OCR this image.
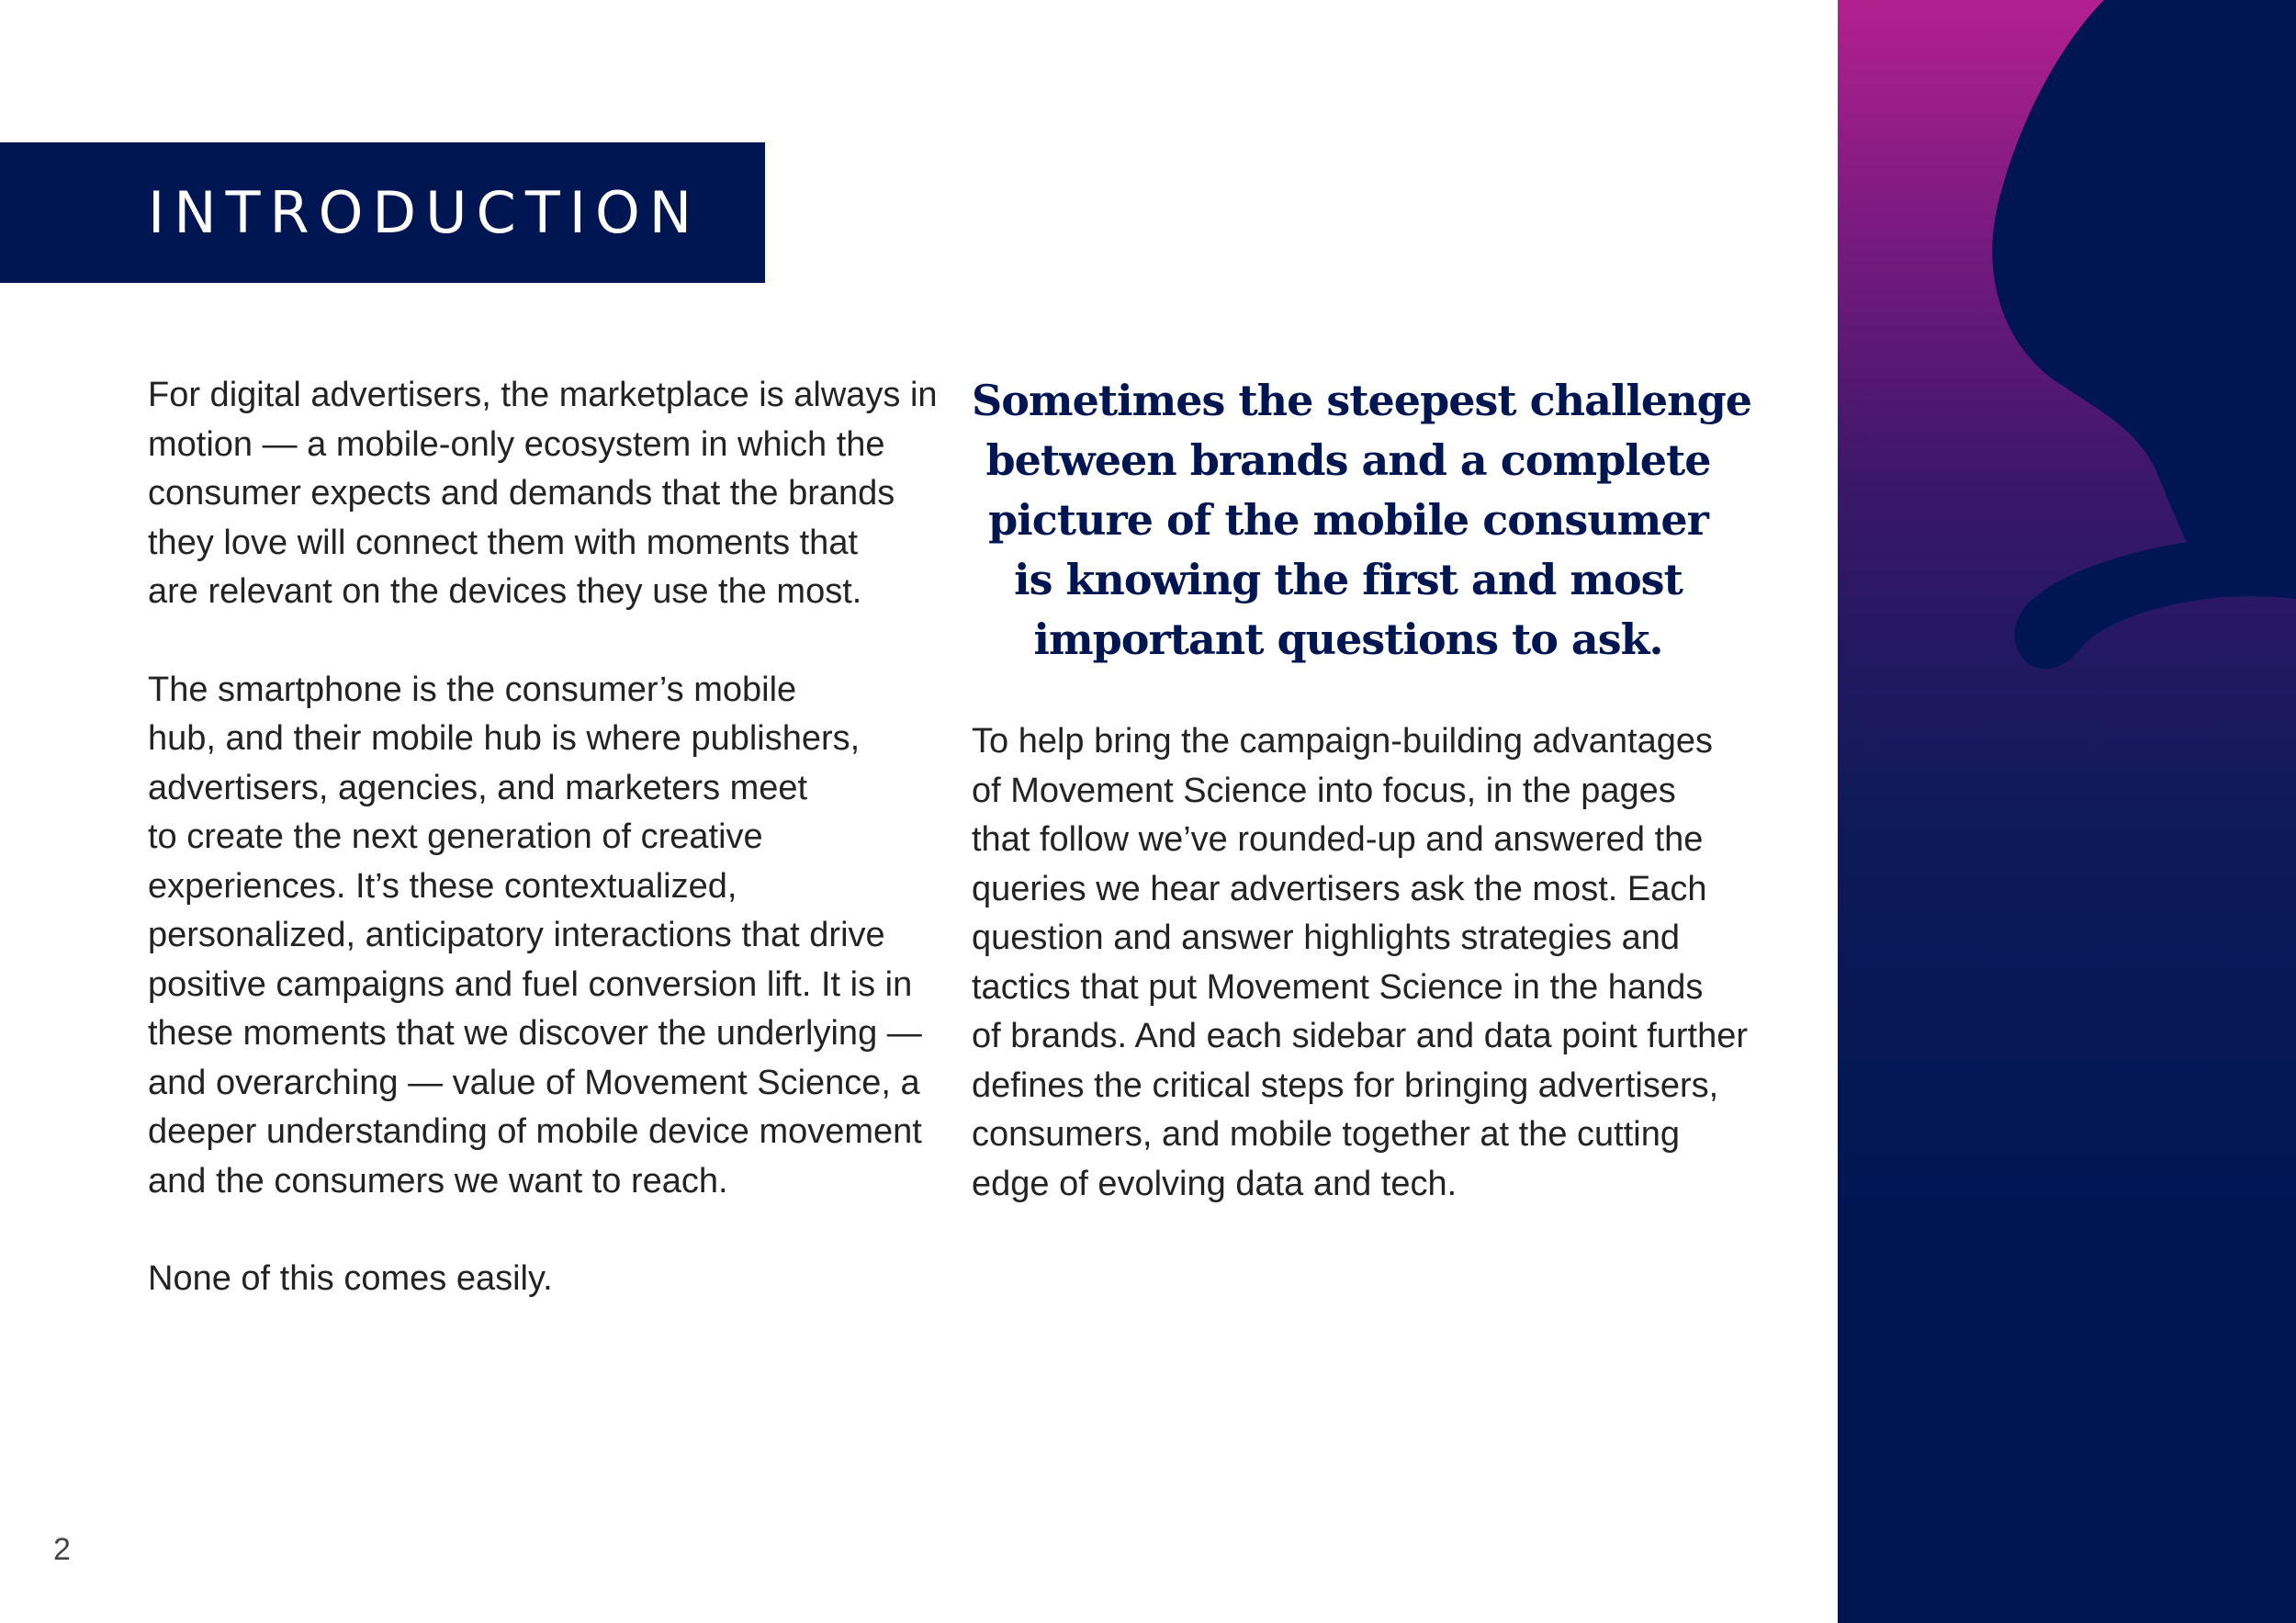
INTRODUCTION

For digital advertisers, the marketplace is always in
motion — a mobile-only ecosystem in which the
consumer expects and demands that the brands
they love will connect them with moments that
are relevant on the devices they use the most.

The smartphone is the consumer’s mobile
hub, and their mobile hub is where publishers,
advertisers, agencies, and marketers meet
to create the next generation of creative
experiences. It’s these contextualized,
personalized, anticipatory interactions that drive
positive campaigns and fuel conversion lift. It is in
these moments that we discover the underlying —
and overarching — value of Movement Science, a
deeper understanding of mobile device movement
and the consumers we want to reach.

None of this comes easily.

Sometimes the steepest challenge
between brands and a complete
picture of the mobile consumer
is knowing the first and most
important questions to ask.

To help bring the campaign-building advantages
of Movement Science into focus, in the pages
that follow we’ve rounded-up and answered the
queries we hear advertisers ask the most. Each
question and answer highlights strategies and
tactics that put Movement Science in the hands
of brands. And each sidebar and data point further
defines the critical steps for bringing advertisers,
consumers, and mobile together at the cutting
edge of evolving data and tech.

2
